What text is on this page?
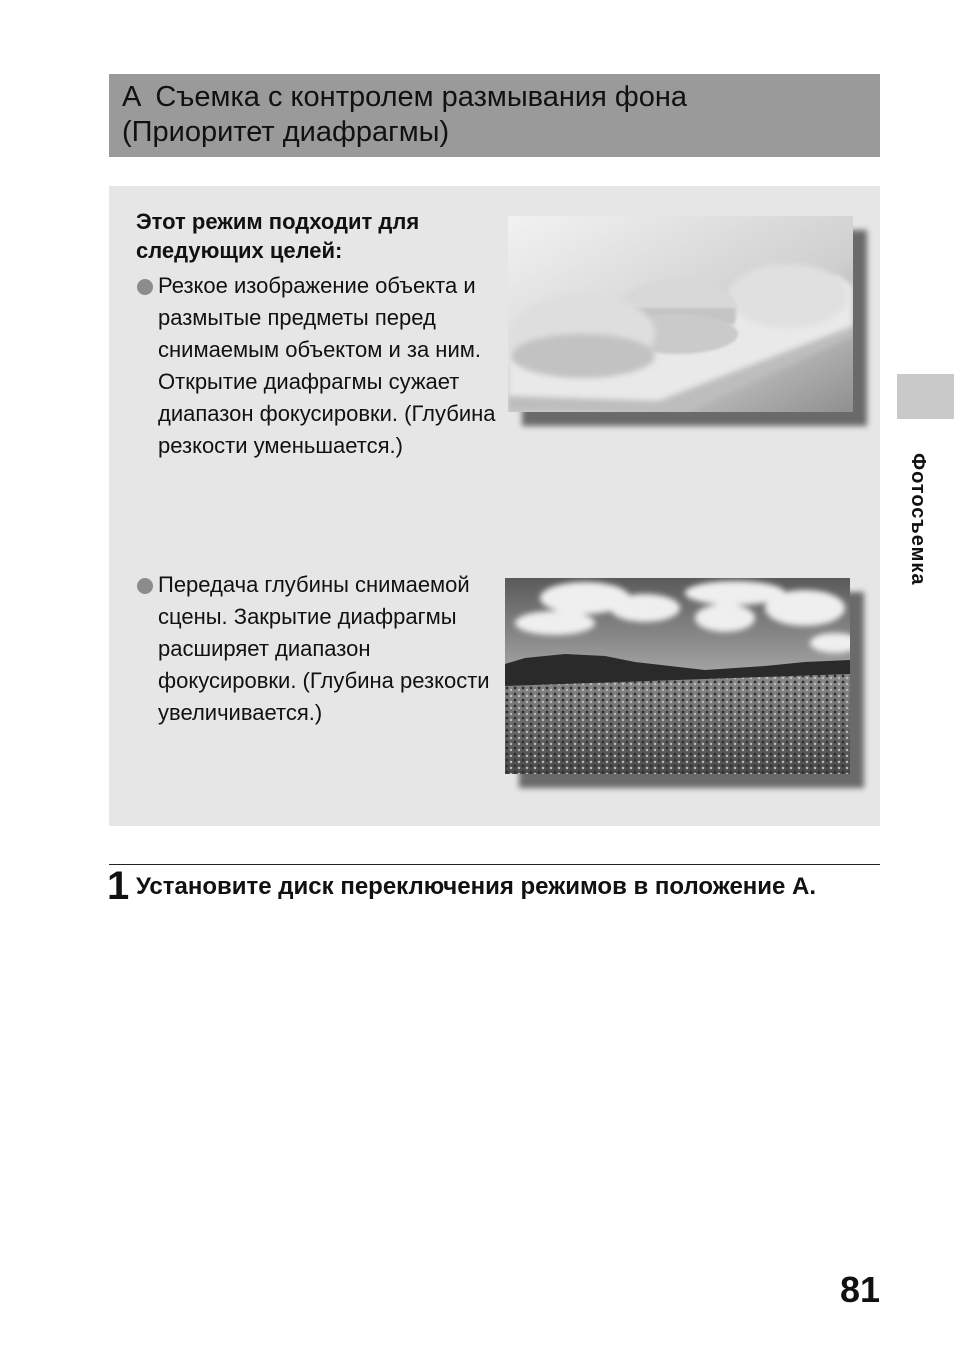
A Съемка с контролем размывания фона
(Приоритет диафрагмы)
Этот режим подходит для следующих целей:
Резкое изображение объекта и размытые предметы перед снимаемым объектом и за ним. Открытие диафрагмы сужает диапазон фокусировки. (Глубина резкости уменьшается.)
Передача глубины снимаемой сцены. Закрытие диафрагмы расширяет диапазон фокусировки. (Глубина резкости увеличивается.)
Фотосъемка
1 Установите диск переключения режимов в положение A.
81
